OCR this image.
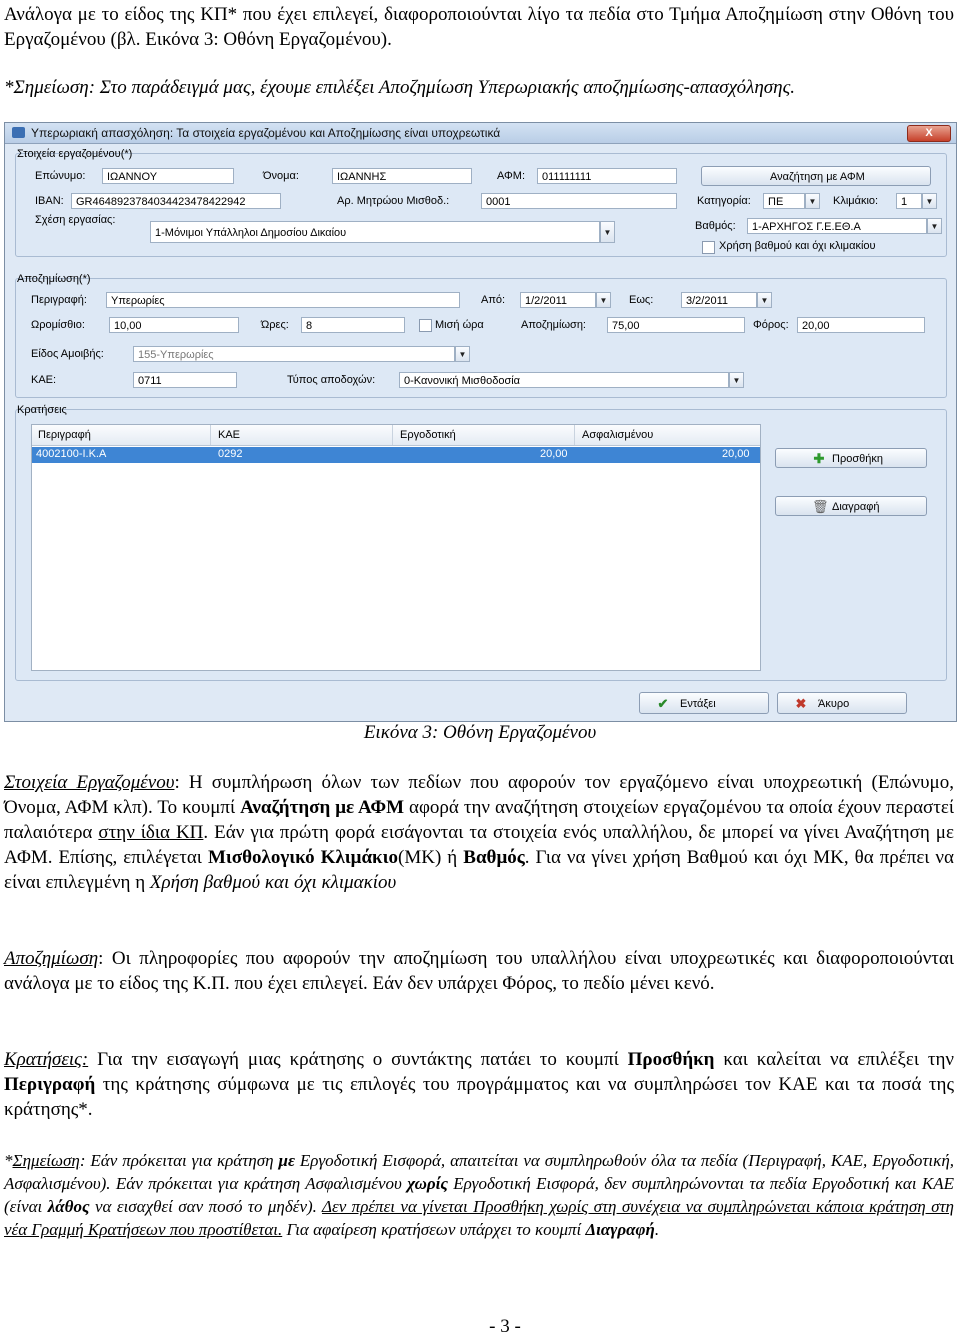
Ανάλογα με το είδος της ΚΠ* που έχει επιλεγεί, διαφοροποιούνται λίγο τα πεδία στο Τμήμα Αποζημίωση στην Οθόνη του Εργαζομένου (βλ. Εικόνα 3: Οθόνη Εργαζομένου).

*Σημείωση: Στο παράδειγμά μας, έχουμε επιλέξει Αποζημίωση Υπερωριακής αποζημίωσης-απασχόλησης.

Υπερωριακή απασχόληση: Τα στοιχεία εργαζομένου και Αποζημίωσης είναι υποχρεωτικά	X
Στοιχεία εργαζομένου(*)
Επώνυμο:	ΙΩΑΝΝΟΥ	Όνομα:	ΙΩΑΝΝΗΣ	ΑΦΜ:	011111111	Αναζήτηση με ΑΦΜ
IBAN:	GR4648923784034423478422942	Αρ. Μητρώου Μισθοδ.:	0001	Κατηγορία:	ΠΕ	▼	Κλιμάκιο:	1	▼
Σχέση εργασίας:
1-Μόνιμοι Υπάλληλοι Δημοσίου Δικαίου	▼
Βαθμός:	1-ΑΡΧΗΓΟΣ Γ.Ε.ΕΘ.Α	▼
Χρήση βαθμού και όχι κλιμακίου
Αποζημίωση(*)
Περιγραφή:	Υπερωρίες	Από:	1/2/2011	▼	Εως:	3/2/2011	▼
Ωρομίσθιο:	10,00	Ώρες:	8	Μισή ώρα	Αποζημίωση:	75,00	Φόρος:	20,00
Είδος Αμοιβής:	155-Υπερωρίες	▼
ΚΑΕ:	0711	Τύπος αποδοχών:	0-Κανονική Μισθοδοσία	▼
Κρατήσεις
Περιγραφή	ΚΑΕ	Εργοδοτική	Ασφαλισμένου
4002100-Ι.Κ.Α	0292	20,00	20,00	✚ Προσθήκη
🗑 Διαγραφή
✔ Εντάξει	✖ Άκυρο
Εικόνα 3: Οθόνη Εργαζομένου

Στοιχεία Εργαζομένου: Η συμπλήρωση όλων των πεδίων που αφορούν τον εργαζόμενο είναι υποχρεωτική (Επώνυμο, Όνομα, ΑΦΜ κλπ). Το κουμπί Αναζήτηση με ΑΦΜ αφορά την αναζήτηση στοιχείων εργαζομένου τα οποία έχουν περαστεί παλαιότερα στην ίδια ΚΠ. Εάν για πρώτη φορά εισάγονται τα στοιχεία ενός υπαλλήλου, δε μπορεί να γίνει Αναζήτηση με ΑΦΜ. Επίσης, επιλέγεται Μισθολογικό Κλιμάκιο(ΜΚ) ή Βαθμός. Για να γίνει χρήση Βαθμού και όχι ΜΚ, θα πρέπει να είναι επιλεγμένη η Χρήση βαθμού και όχι κλιμακίου

Αποζημίωση: Οι πληροφορίες που αφορούν την αποζημίωση του υπαλλήλου είναι υποχρεωτικές και διαφοροποιούνται ανάλογα με το είδος της Κ.Π. που έχει επιλεγεί. Εάν δεν υπάρχει Φόρος, το πεδίο μένει κενό.

Κρατήσεις: Για την εισαγωγή μιας κράτησης ο συντάκτης πατάει το κουμπί Προσθήκη και καλείται να επιλέξει την Περιγραφή της κράτησης σύμφωνα με τις επιλογές του προγράμματος και να συμπληρώσει τον ΚΑΕ και τα ποσά της κράτησης*.

*Σημείωση: Εάν πρόκειται για κράτηση με Εργοδοτική Εισφορά, απαιτείται να συμπληρωθούν όλα τα πεδία (Περιγραφή, ΚΑΕ, Εργοδοτική, Ασφαλισμένου). Εάν πρόκειται για κράτηση Ασφαλισμένου χωρίς Εργοδοτική Εισφορά, δεν συμπληρώνονται τα πεδία Εργοδοτική και ΚΑΕ (είναι λάθος να εισαχθεί σαν ποσό το μηδέν). Δεν πρέπει να γίνεται Προσθήκη χωρίς στη συνέχεια να συμπληρώνεται κάποια κράτηση στη νέα Γραμμή Κρατήσεων που προστίθεται. Για αφαίρεση κρατήσεων υπάρχει το κουμπί Διαγραφή.

- 3 -
